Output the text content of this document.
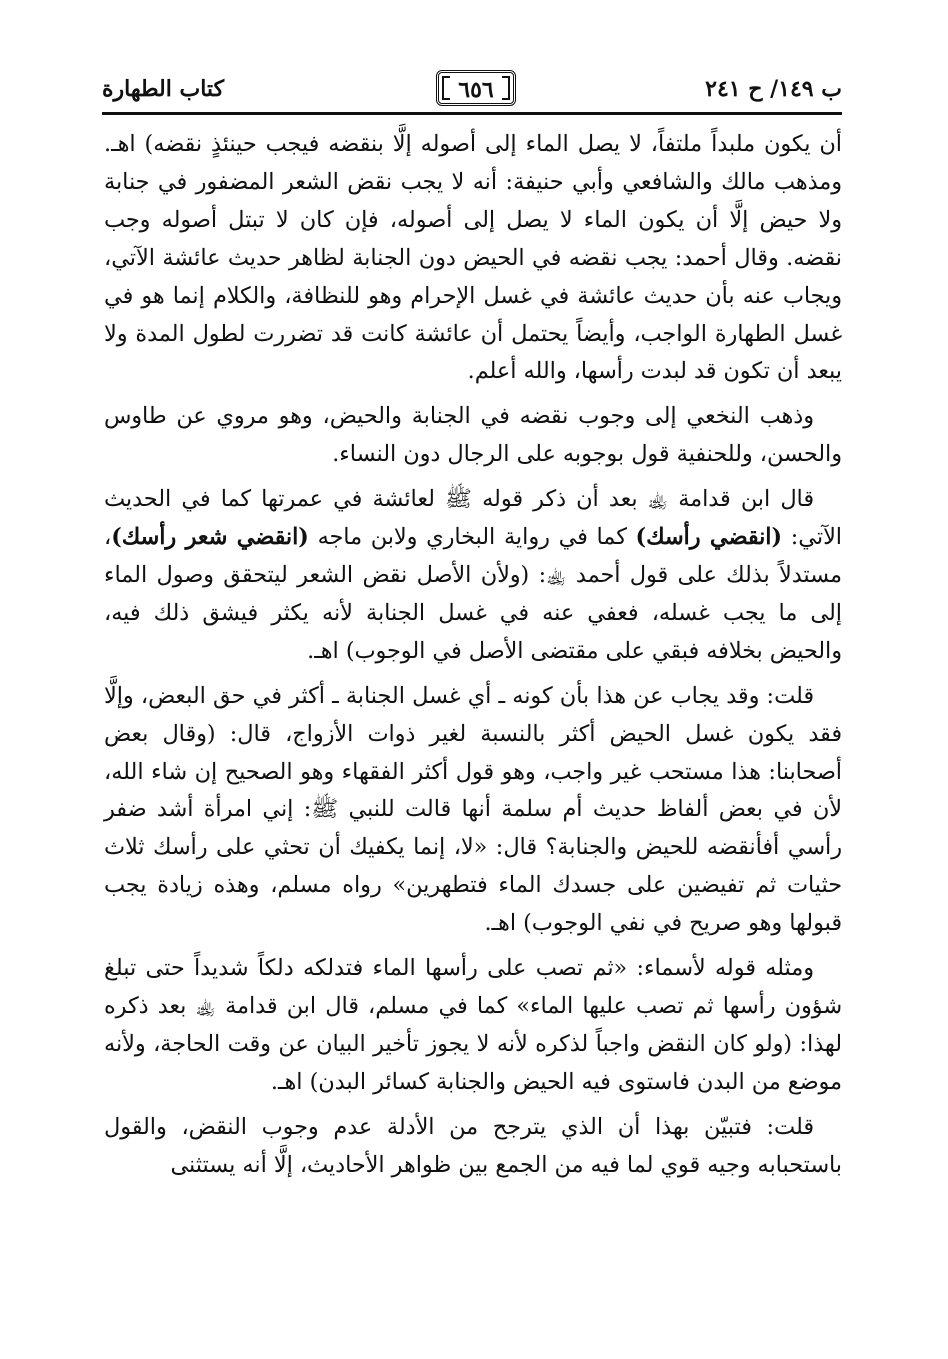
ب ١٤٩/ ح ٢٤١
٦٥٦
كتاب الطهارة

أن يكون ملبداً ملتفاً، لا يصل الماء إلى أصوله إلَّا بنقضه فيجب حينئذٍ نقضه) اهـ. ومذهب مالك والشافعي وأبي حنيفة: أنه لا يجب نقض الشعر المضفور في جنابة ولا حيض إلَّا أن يكون الماء لا يصل إلى أصوله، فإن كان لا تبتل أصوله وجب نقضه. وقال أحمد: يجب نقضه في الحيض دون الجنابة لظاهر حديث عائشة الآتي، ويجاب عنه بأن حديث عائشة في غسل الإحرام وهو للنظافة، والكلام إنما هو في غسل الطهارة الواجب، وأيضاً يحتمل أن عائشة كانت قد تضررت لطول المدة ولا يبعد أن تكون قد لبدت رأسها، والله أعلم.

وذهب النخعي إلى وجوب نقضه في الجنابة والحيض، وهو مروي عن طاوس والحسن، وللحنفية قول بوجوبه على الرجال دون النساء.

قال ابن قدامة ﵀ بعد أن ذكر قوله ﷺ لعائشة في عمرتها كما في الحديث الآتي: (انقضي رأسك) كما في رواية البخاري ولابن ماجه (انقضي شعر رأسك)، مستدلاً بذلك على قول أحمد ﵀: (ولأن الأصل نقض الشعر ليتحقق وصول الماء إلى ما يجب غسله، فعفي عنه في غسل الجنابة لأنه يكثر فيشق ذلك فيه، والحيض بخلافه فبقي على مقتضى الأصل في الوجوب) اهـ.

قلت: وقد يجاب عن هذا بأن كونه ـ أي غسل الجنابة ـ أكثر في حق البعض، وإلَّا فقد يكون غسل الحيض أكثر بالنسبة لغير ذوات الأزواج، قال: (وقال بعض أصحابنا: هذا مستحب غير واجب، وهو قول أكثر الفقهاء وهو الصحيح إن شاء الله، لأن في بعض ألفاظ حديث أم سلمة أنها قالت للنبي ﷺ: إني امرأة أشد ضفر رأسي أفأنقضه للحيض والجنابة؟ قال: «لا، إنما يكفيك أن تحثي على رأسك ثلاث حثيات ثم تفيضين على جسدك الماء فتطهرين» رواه مسلم، وهذه زيادة يجب قبولها وهو صريح في نفي الوجوب) اهـ.

ومثله قوله لأسماء: «ثم تصب على رأسها الماء فتدلكه دلكاً شديداً حتى تبلغ شؤون رأسها ثم تصب عليها الماء» كما في مسلم، قال ابن قدامة ﵀ بعد ذكره لهذا: (ولو كان النقض واجباً لذكره لأنه لا يجوز تأخير البيان عن وقت الحاجة، ولأنه موضع من البدن فاستوى فيه الحيض والجنابة كسائر البدن) اهـ.

قلت: فتبيّن بهذا أن الذي يترجح من الأدلة عدم وجوب النقض، والقول باستحبابه وجيه قوي لما فيه من الجمع بين ظواهر الأحاديث، إلَّا أنه يستثنى
